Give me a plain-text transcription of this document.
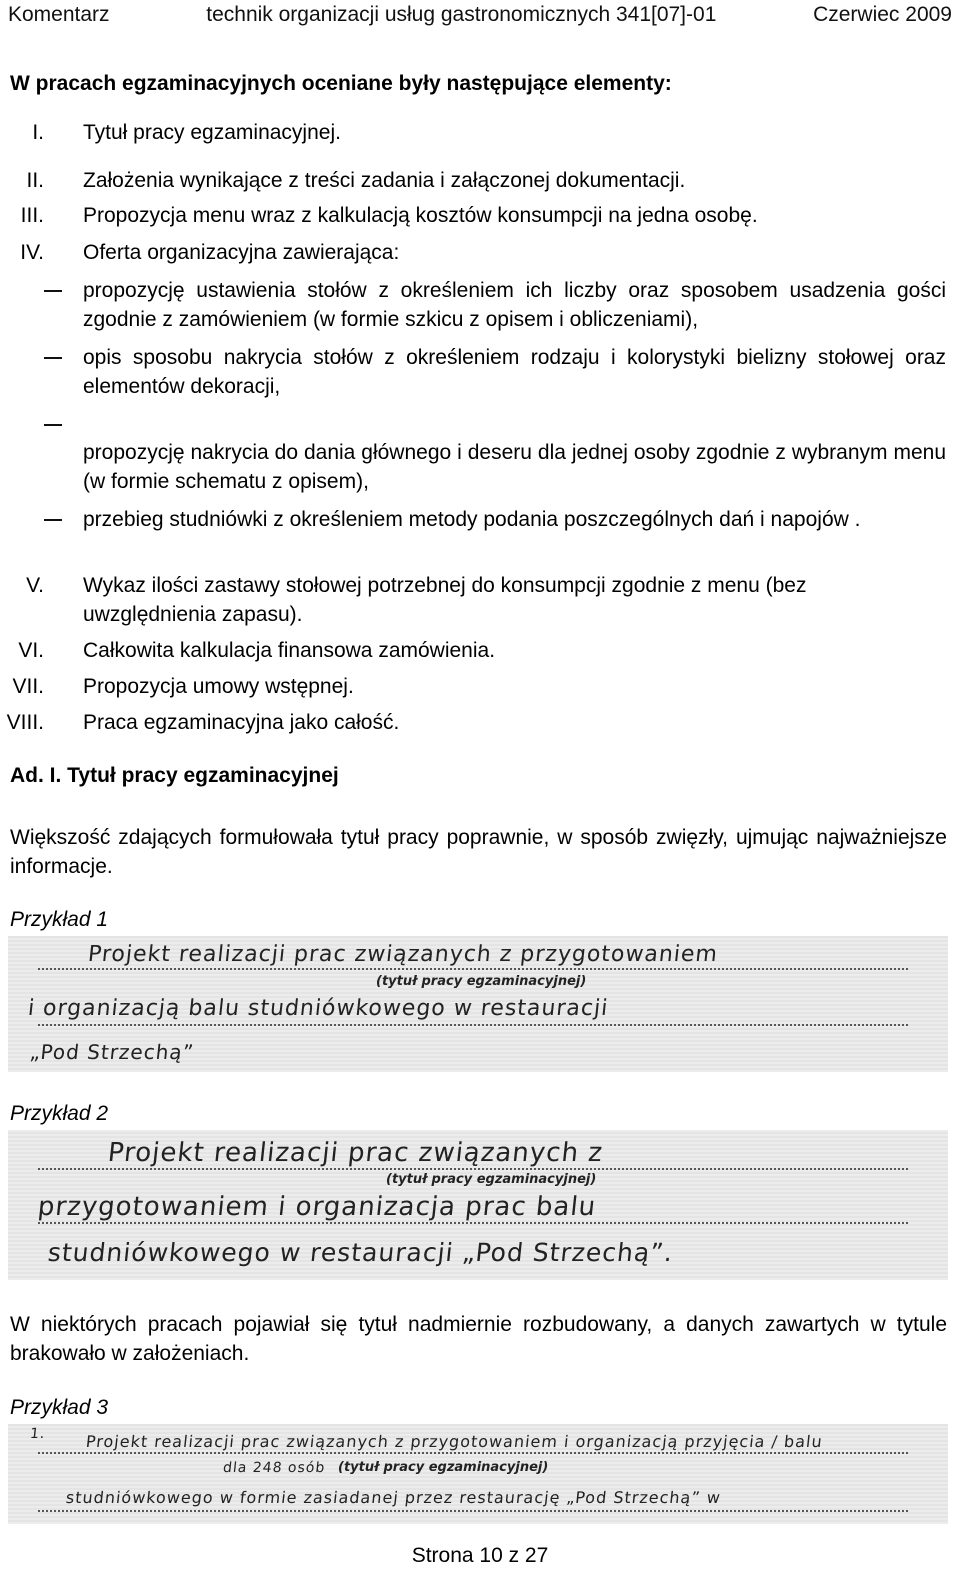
Komentarz	technik organizacji usług gastronomicznych 341[07]-01	Czerwiec 2009
W pracach egzaminacyjnych oceniane były następujące elementy:
I. Tytuł pracy egzaminacyjnej.
II. Założenia wynikające z treści zadania i załączonej dokumentacji.
III. Propozycja menu wraz z kalkulacją kosztów konsumpcji na jedna osobę.
IV. Oferta organizacyjna zawierająca:
propozycję ustawienia stołów z określeniem ich liczby oraz sposobem usadzenia gości zgodnie z zamówieniem (w formie szkicu z opisem i obliczeniami),
opis sposobu nakrycia stołów z określeniem rodzaju i kolorystyki bielizny stołowej oraz elementów dekoracji,
propozycję nakrycia do dania głównego i deseru dla jednej osoby zgodnie z wybranym menu (w formie schematu z opisem),
przebieg studniówki z określeniem metody podania poszczególnych dań i napojów .
V. Wykaz ilości zastawy stołowej potrzebnej do konsumpcji zgodnie z menu (bez uwzględnienia zapasu).
VI. Całkowita kalkulacja finansowa zamówienia.
VII. Propozycja umowy wstępnej.
VIII. Praca egzaminacyjna jako całość.
Ad. I. Tytuł pracy egzaminacyjnej
Większość zdających formułowała tytuł pracy poprawnie, w sposób zwięzły, ujmując najważniejsze informacje.
Przykład 1
Projekt realizacji prac związanych z przygotowaniem
(tytuł pracy egzaminacyjnej)
i organizacją balu studniówkowego w restauracji
„Pod Strzechą”
Przykład 2
Projekt realizacji prac związanych z
(tytuł pracy egzaminacyjnej)
przygotowaniem i organizacja prac balu
studniówkowego w restauracji „Pod Strzechą”.
W niektórych pracach pojawiał się tytuł nadmiernie rozbudowany, a danych zawartych w tytule brakowało w założeniach.
Przykład 3
1. Projekt realizacji prac związanych z przygotowaniem i organizacją przyjęcia / balu
dla 248 osób (tytuł pracy egzaminacyjnej)
studniówkowego w formie zasiadanej przez restaurację „Pod Strzechą” w
Strona 10 z 27
